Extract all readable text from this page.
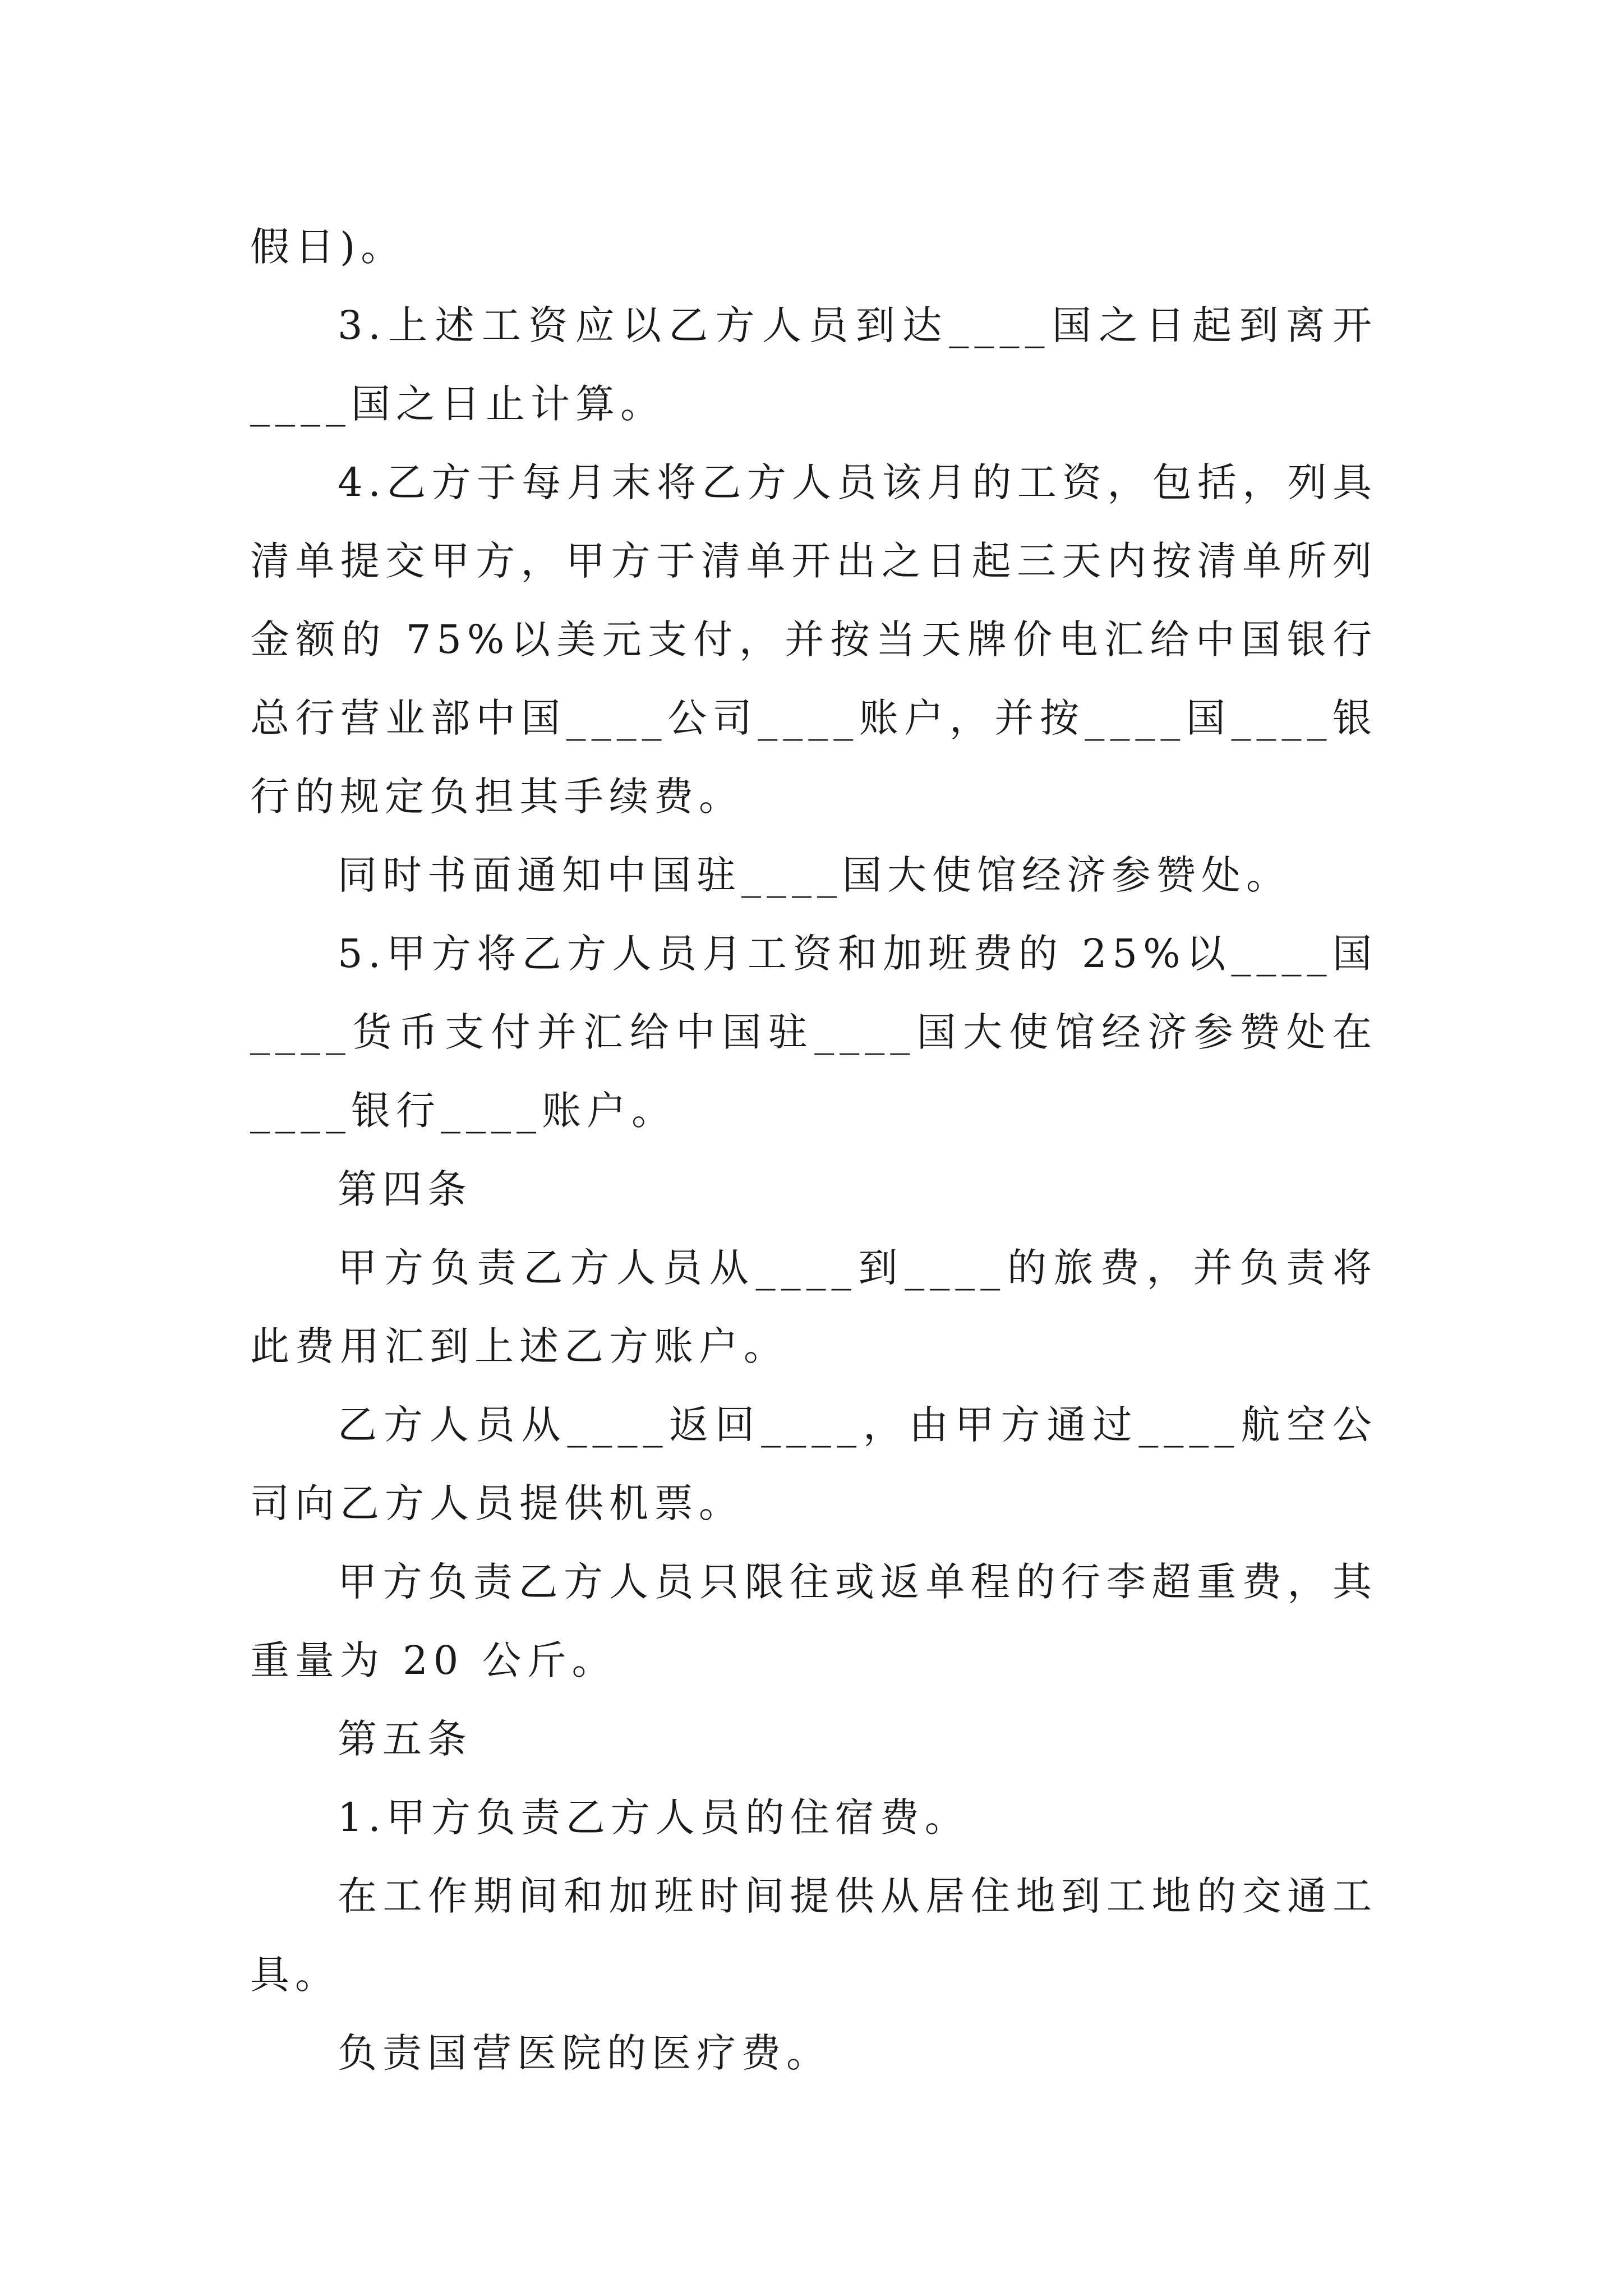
假日)。

3.上述工资应以乙方人员到达____国之日起到离开____国之日止计算。

4.乙方于每月末将乙方人员该月的工资，包括，列具清单提交甲方，甲方于清单开出之日起三天内按清单所列金额的 75%以美元支付，并按当天牌价电汇给中国银行总行营业部中国____公司____账户，并按____国____银行的规定负担其手续费。

同时书面通知中国驻____国大使馆经济参赞处。

5.甲方将乙方人员月工资和加班费的 25%以____国____货币支付并汇给中国驻____国大使馆经济参赞处在____银行____账户。

第四条

甲方负责乙方人员从____到____的旅费，并负责将此费用汇到上述乙方账户。

乙方人员从____返回____，由甲方通过____航空公司向乙方人员提供机票。

甲方负责乙方人员只限往或返单程的行李超重费，其重量为 20 公斤。

第五条

1.甲方负责乙方人员的住宿费。

在工作期间和加班时间提供从居住地到工地的交通工具。

负责国营医院的医疗费。
